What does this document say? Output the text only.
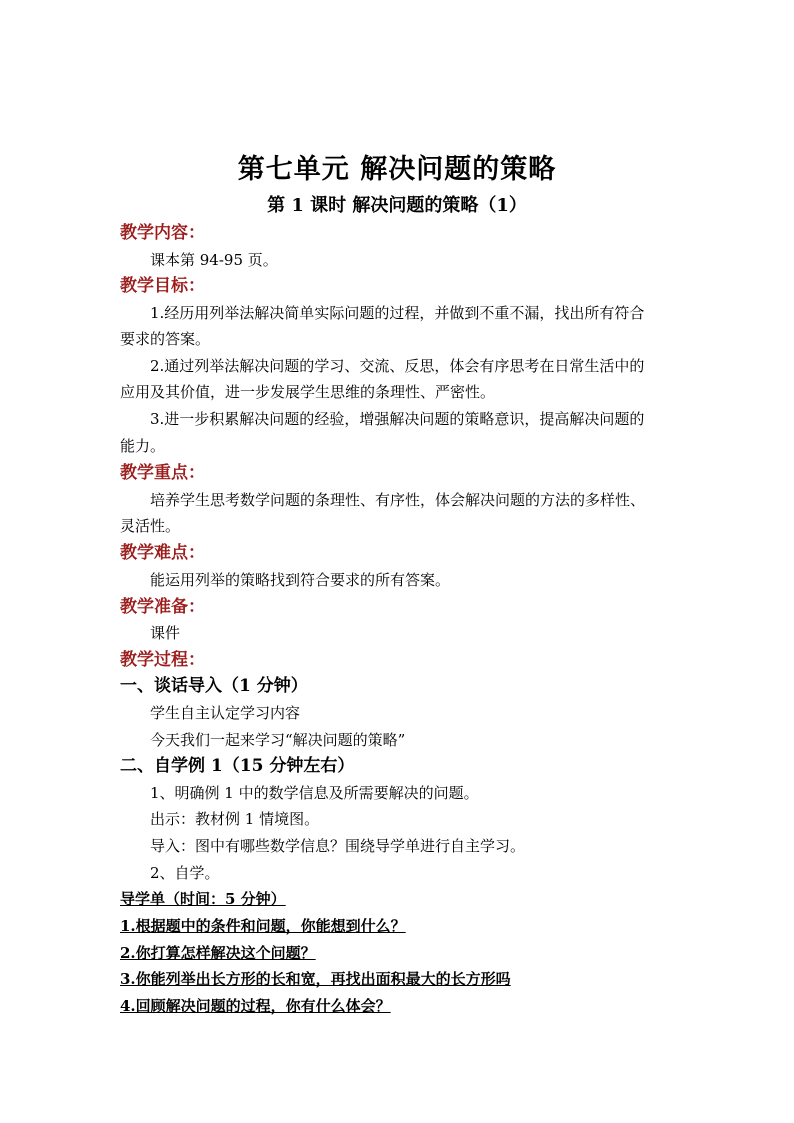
第七单元 解决问题的策略
第 1 课时 解决问题的策略（1）
教学内容：
课本第 94-95 页。
教学目标：
1.经历用列举法解决简单实际问题的过程，并做到不重不漏，找出所有符合
要求的答案。
2.通过列举法解决问题的学习、交流、反思，体会有序思考在日常生活中的
应用及其价值，进一步发展学生思维的条理性、严密性。
3.进一步积累解决问题的经验，增强解决问题的策略意识，提高解决问题的
能力。
教学重点：
培养学生思考数学问题的条理性、有序性，体会解决问题的方法的多样性、
灵活性。
教学难点：
能运用列举的策略找到符合要求的所有答案。
教学准备：
课件
教学过程：
一、谈话导入（1 分钟）
学生自主认定学习内容
今天我们一起来学习“解决问题的策略”
二、自学例 1（15 分钟左右）
1、明确例 1 中的数学信息及所需要解决的问题。
出示：教材例 1 情境图。
导入：图中有哪些数学信息？围绕导学单进行自主学习。
2、自学。
导学单（时间：5 分钟）
1.根据题中的条件和问题，你能想到什么？
2.你打算怎样解决这个问题？
3.你能列举出长方形的长和宽，再找出面积最大的长方形吗
4.回顾解决问题的过程，你有什么体会？
